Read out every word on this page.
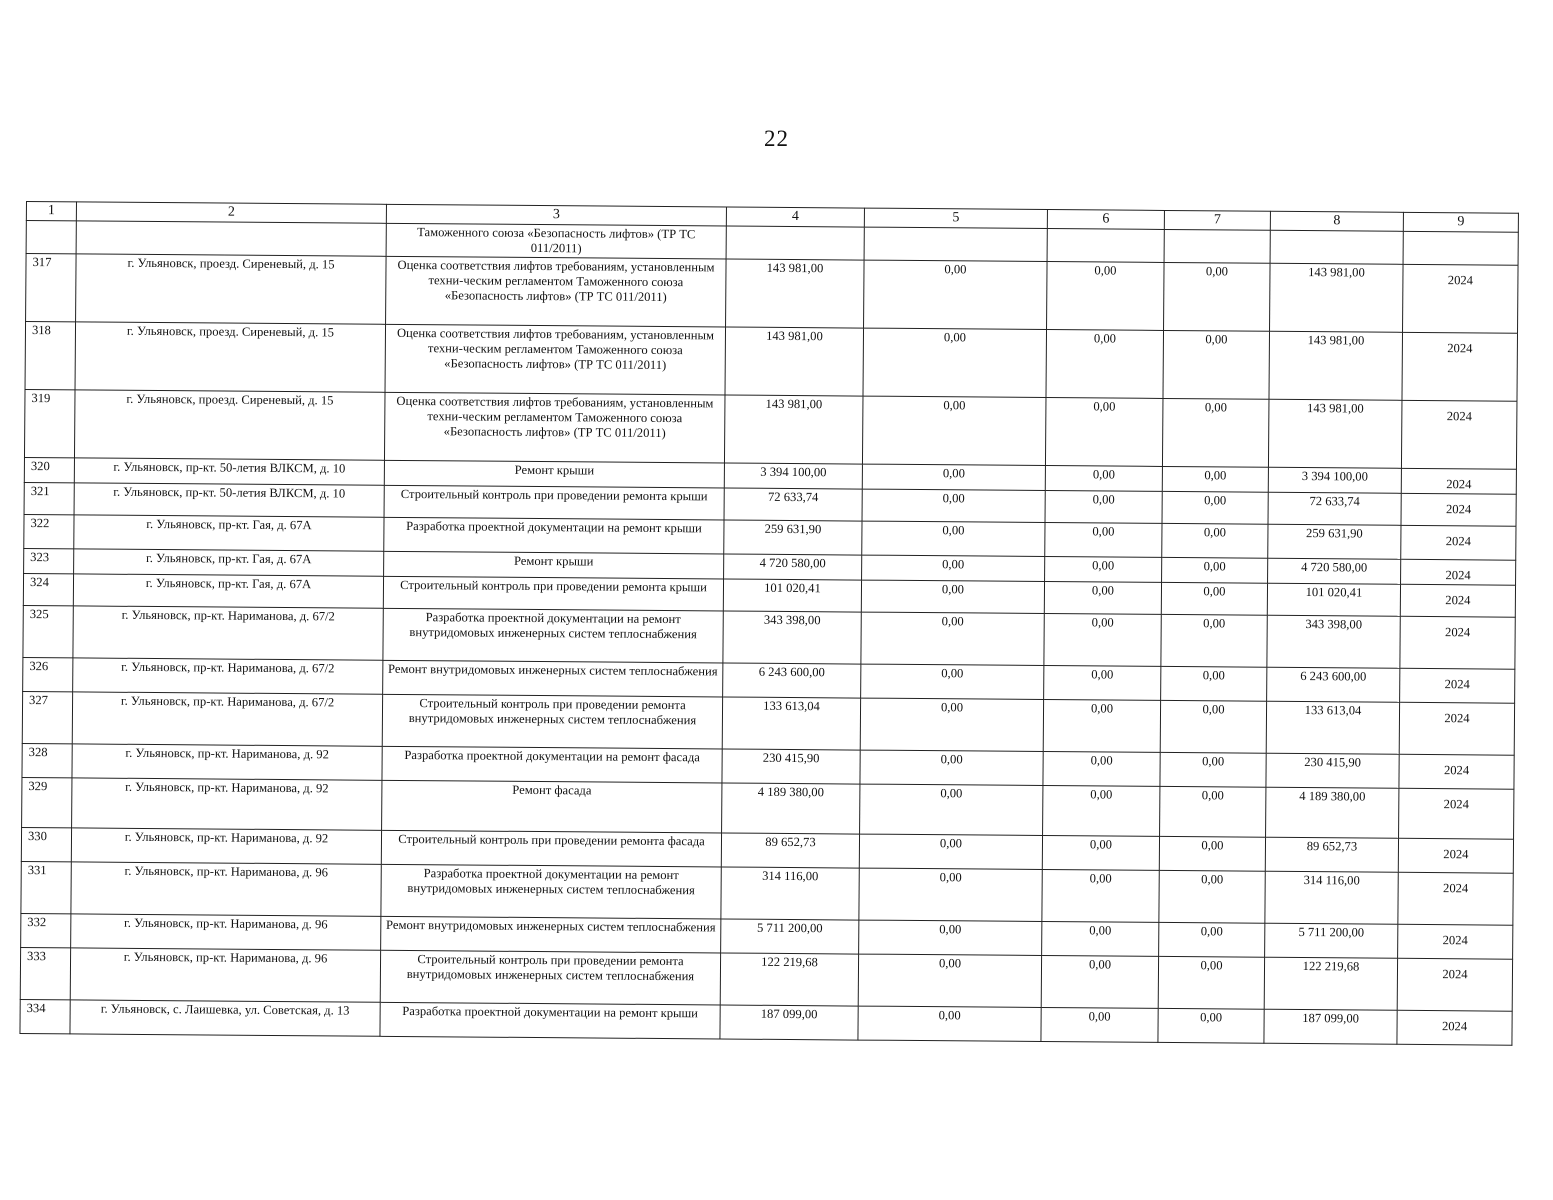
22
1	2	3	4	5	6	7	8	9
		Таможенного союза «Безопасность лифтов» (ТР ТС 011/2011)						
317	г. Ульяновск, проезд. Сиреневый, д. 15	Оценка соответствия лифтов требованиям, установленным техни-ческим регламентом Таможенного союза «Безопасность лифтов» (ТР ТС 011/2011)	143 981,00	0,00	0,00	0,00	143 981,00	2024
318	г. Ульяновск, проезд. Сиреневый, д. 15	Оценка соответствия лифтов требованиям, установленным техни-ческим регламентом Таможенного союза «Безопасность лифтов» (ТР ТС 011/2011)	143 981,00	0,00	0,00	0,00	143 981,00	2024
319	г. Ульяновск, проезд. Сиреневый, д. 15	Оценка соответствия лифтов требованиям, установленным техни-ческим регламентом Таможенного союза «Безопасность лифтов» (ТР ТС 011/2011)	143 981,00	0,00	0,00	0,00	143 981,00	2024
320	г. Ульяновск, пр-кт. 50-летия ВЛКСМ, д. 10	Ремонт крыши	3 394 100,00	0,00	0,00	0,00	3 394 100,00	2024
321	г. Ульяновск, пр-кт. 50-летия ВЛКСМ, д. 10	Строительный контроль при проведении ремонта крыши	72 633,74	0,00	0,00	0,00	72 633,74	2024
322	г. Ульяновск, пр-кт. Гая, д. 67А	Разработка проектной документации на ремонт крыши	259 631,90	0,00	0,00	0,00	259 631,90	2024
323	г. Ульяновск, пр-кт. Гая, д. 67А	Ремонт крыши	4 720 580,00	0,00	0,00	0,00	4 720 580,00	2024
324	г. Ульяновск, пр-кт. Гая, д. 67А	Строительный контроль при проведении ремонта крыши	101 020,41	0,00	0,00	0,00	101 020,41	2024
325	г. Ульяновск, пр-кт. Нариманова, д. 67/2	Разработка проектной документации на ремонт внутридомовых инженерных систем теплоснабжения	343 398,00	0,00	0,00	0,00	343 398,00	2024
326	г. Ульяновск, пр-кт. Нариманова, д. 67/2	Ремонт внутридомовых инженерных систем теплоснабжения	6 243 600,00	0,00	0,00	0,00	6 243 600,00	2024
327	г. Ульяновск, пр-кт. Нариманова, д. 67/2	Строительный контроль при проведении ремонта внутридомовых инженерных систем теплоснабжения	133 613,04	0,00	0,00	0,00	133 613,04	2024
328	г. Ульяновск, пр-кт. Нариманова, д. 92	Разработка проектной документации на ремонт фасада	230 415,90	0,00	0,00	0,00	230 415,90	2024
329	г. Ульяновск, пр-кт. Нариманова, д. 92	Ремонт фасада	4 189 380,00	0,00	0,00	0,00	4 189 380,00	2024
330	г. Ульяновск, пр-кт. Нариманова, д. 92	Строительный контроль при проведении ремонта фасада	89 652,73	0,00	0,00	0,00	89 652,73	2024
331	г. Ульяновск, пр-кт. Нариманова, д. 96	Разработка проектной документации на ремонт внутридомовых инженерных систем теплоснабжения	314 116,00	0,00	0,00	0,00	314 116,00	2024
332	г. Ульяновск, пр-кт. Нариманова, д. 96	Ремонт внутридомовых инженерных систем теплоснабжения	5 711 200,00	0,00	0,00	0,00	5 711 200,00	2024
333	г. Ульяновск, пр-кт. Нариманова, д. 96	Строительный контроль при проведении ремонта внутридомовых инженерных систем теплоснабжения	122 219,68	0,00	0,00	0,00	122 219,68	2024
334	г. Ульяновск, с. Лаишевка, ул. Советская, д. 13	Разработка проектной документации на ремонт крыши	187 099,00	0,00	0,00	0,00	187 099,00	2024
